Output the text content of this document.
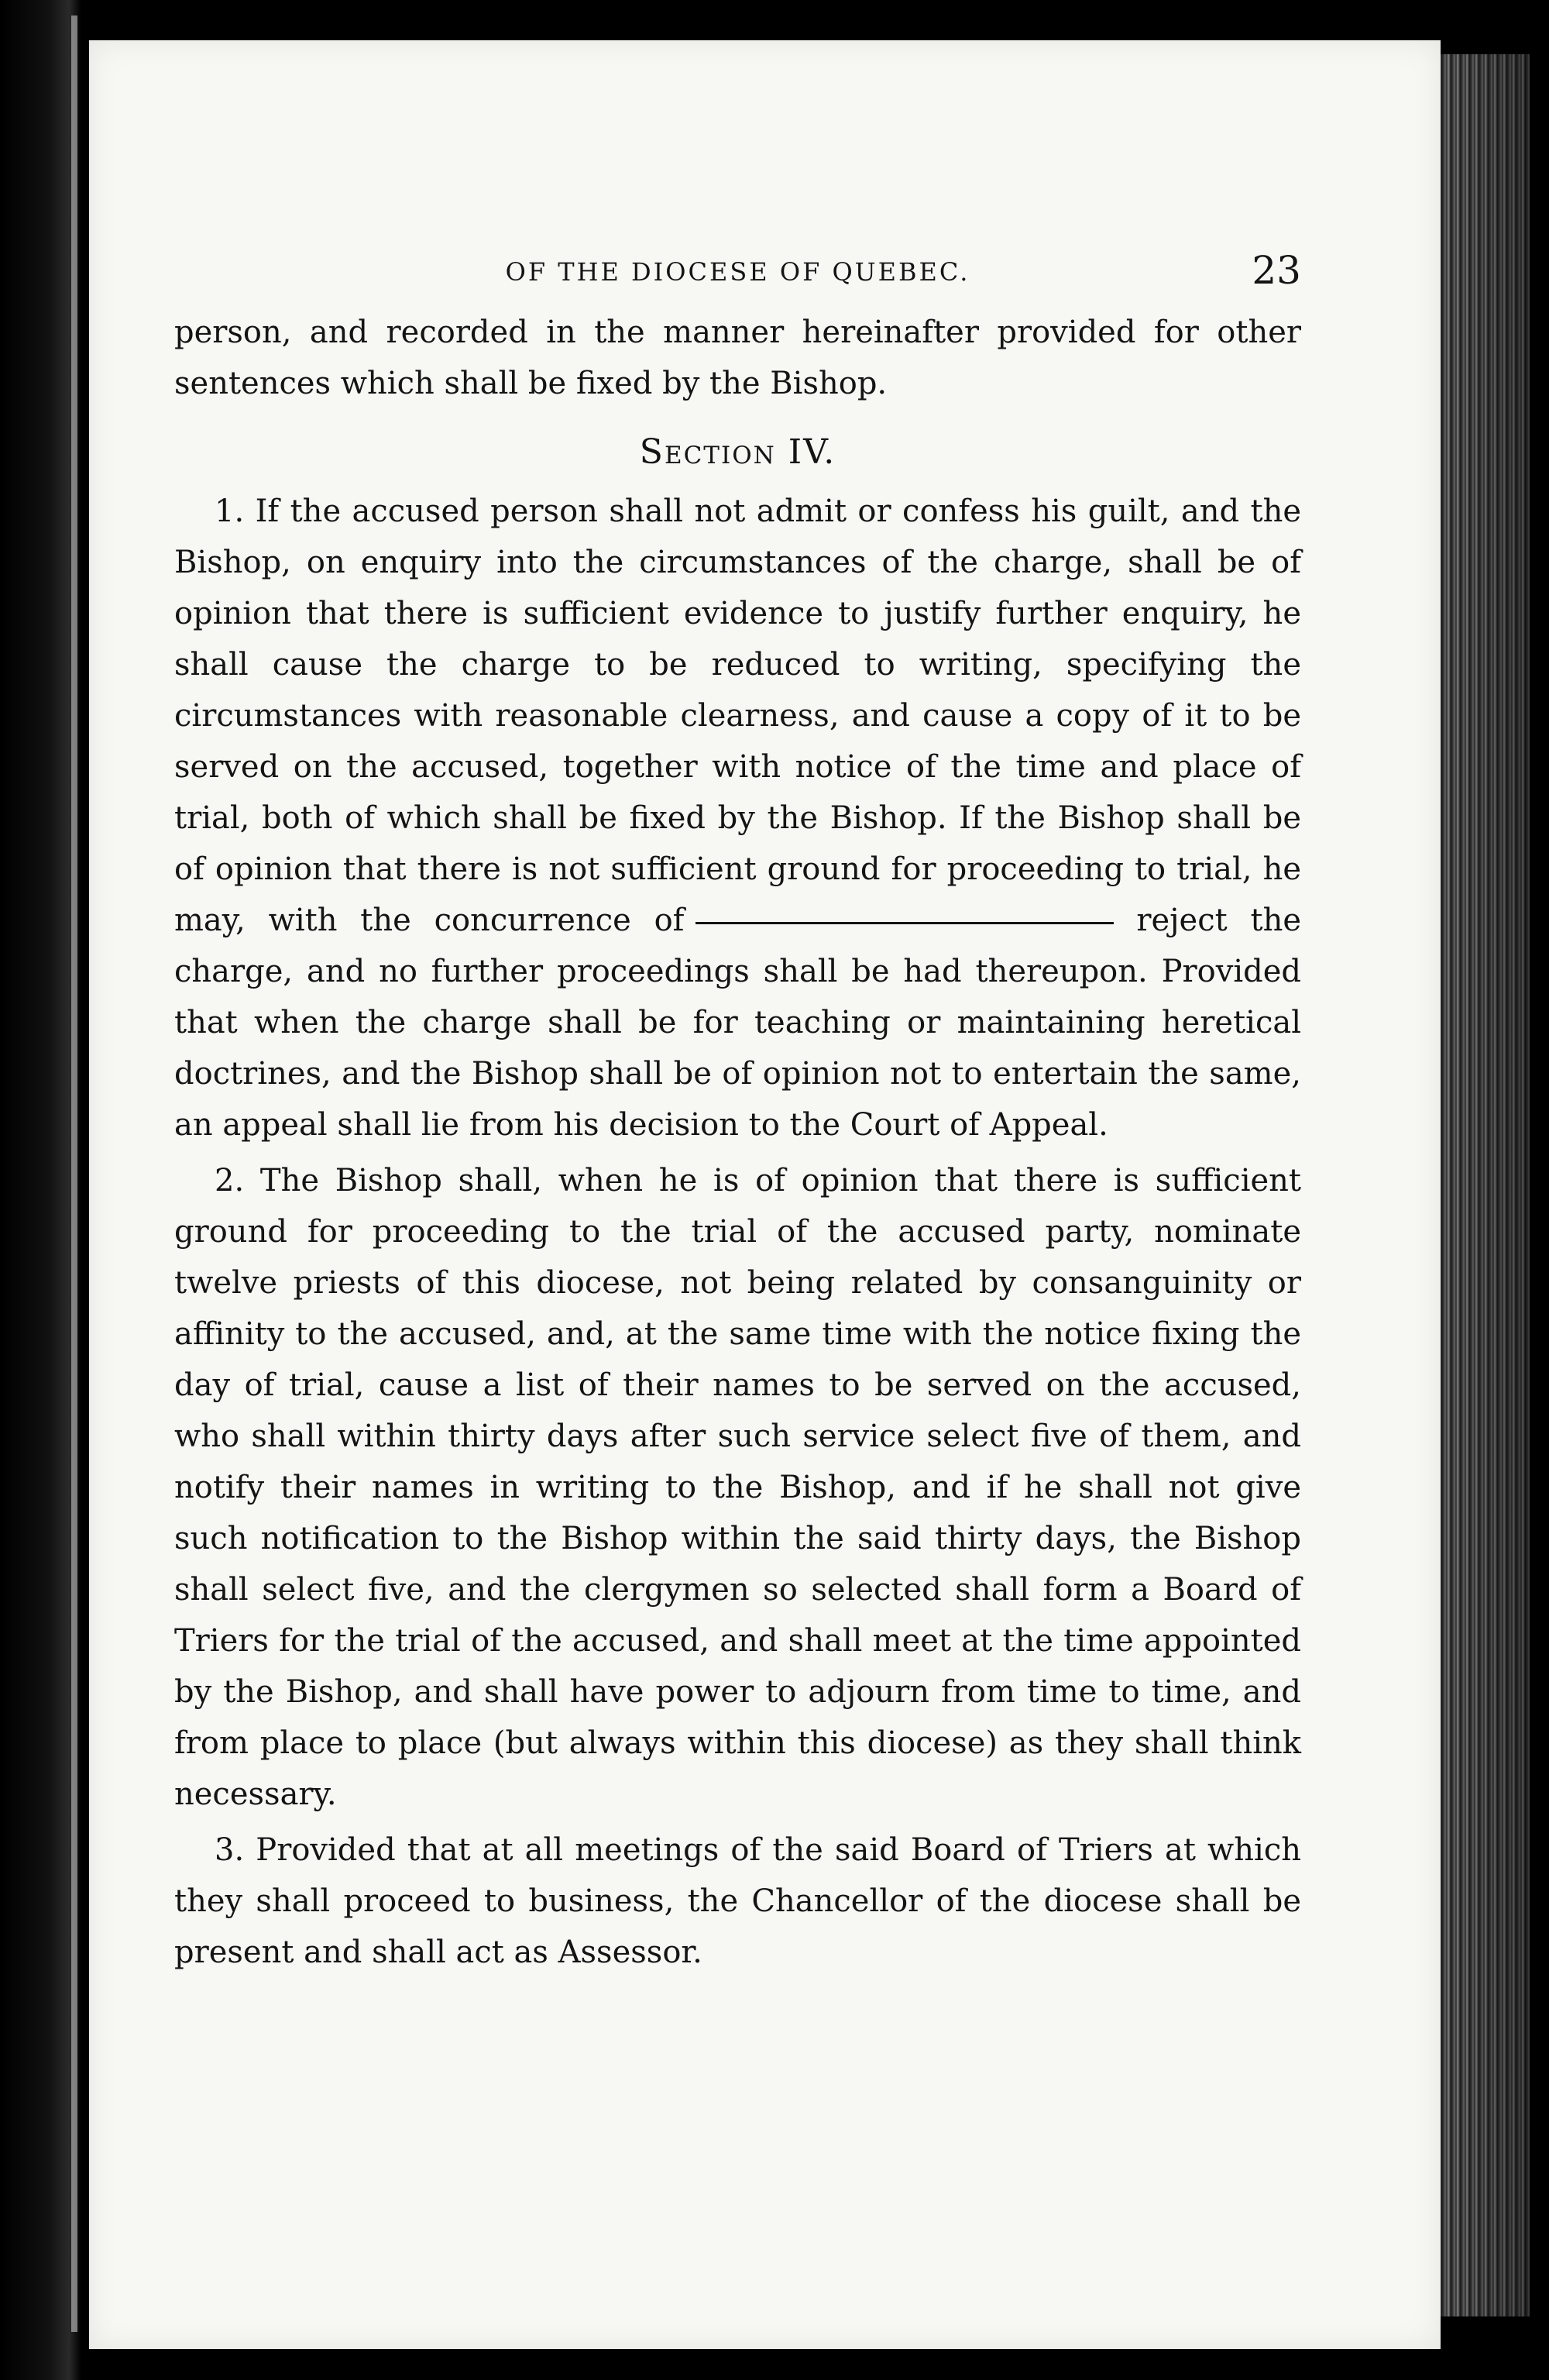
OF THE DIOCESE OF QUEBEC.	23

person, and recorded in the manner hereinafter provided for other sentences which shall be fixed by the Bishop.

Section IV.

1. If the accused person shall not admit or confess his guilt, and the Bishop, on enquiry into the circumstances of the charge, shall be of opinion that there is sufficient evidence to justify further enquiry, he shall cause the charge to be reduced to writing, specifying the circumstances with reasonable clearness, and cause a copy of it to be served on the accused, together with notice of the time and place of trial, both of which shall be fixed by the Bishop. If the Bishop shall be of opinion that there is not sufficient ground for proceeding to trial, he may, with the concurrence of	reject the charge, and no further proceedings shall be had thereupon. Provided that when the charge shall be for teaching or maintaining heretical doctrines, and the Bishop shall be of opinion not to entertain the same, an appeal shall lie from his decision to the Court of Appeal.

2. The Bishop shall, when he is of opinion that there is sufficient ground for proceeding to the trial of the accused party, nominate twelve priests of this diocese, not being related by consanguinity or affinity to the accused, and, at the same time with the notice fixing the day of trial, cause a list of their names to be served on the accused, who shall within thirty days after such service select five of them, and notify their names in writing to the Bishop, and if he shall not give such notification to the Bishop within the said thirty days, the Bishop shall select five, and the clergymen so selected shall form a Board of Triers for the trial of the accused, and shall meet at the time appointed by the Bishop, and shall have power to adjourn from time to time, and from place to place (but always within this diocese) as they shall think necessary.

3. Provided that at all meetings of the said Board of Triers at which they shall proceed to business, the Chancellor of the diocese shall be present and shall act as Assessor.
